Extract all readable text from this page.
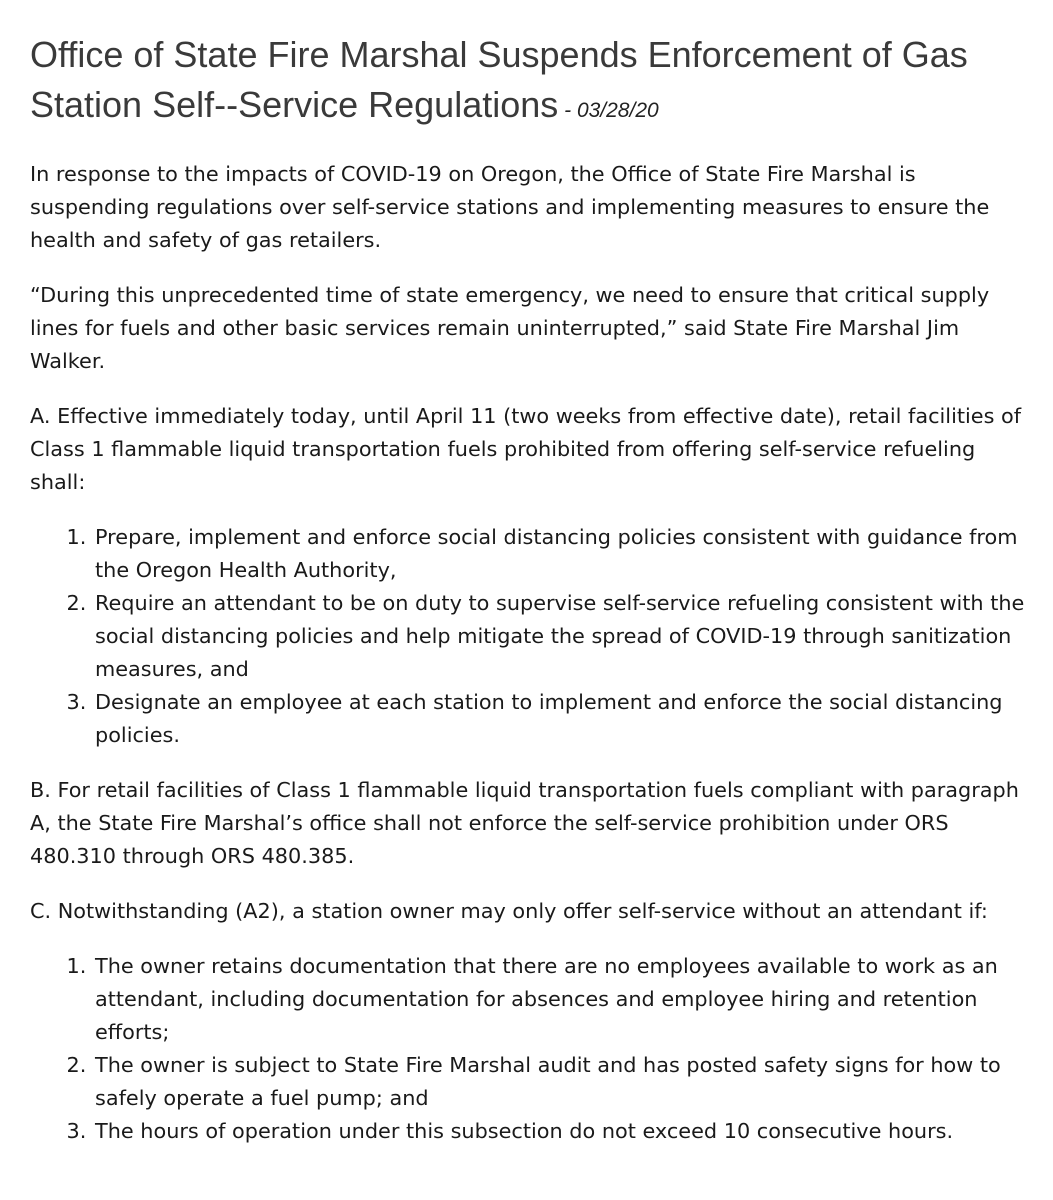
Office of State Fire Marshal Suspends Enforcement of Gas Station Self--Service Regulations - 03/28/20

In response to the impacts of COVID-19 on Oregon, the Office of State Fire Marshal is suspending regulations over self-service stations and implementing measures to ensure the health and safety of gas retailers.

“During this unprecedented time of state emergency, we need to ensure that critical supply lines for fuels and other basic services remain uninterrupted,” said State Fire Marshal Jim Walker.

A. Effective immediately today, until April 11 (two weeks from effective date), retail facilities of Class 1 flammable liquid transportation fuels prohibited from offering self-service refueling shall:

1. Prepare, implement and enforce social distancing policies consistent with guidance from the Oregon Health Authority,
2. Require an attendant to be on duty to supervise self-service refueling consistent with the social distancing policies and help mitigate the spread of COVID-19 through sanitization measures, and
3. Designate an employee at each station to implement and enforce the social distancing policies.

B. For retail facilities of Class 1 flammable liquid transportation fuels compliant with paragraph A, the State Fire Marshal’s office shall not enforce the self-service prohibition under ORS 480.310 through ORS 480.385.

C. Notwithstanding (A2), a station owner may only offer self-service without an attendant if:

1. The owner retains documentation that there are no employees available to work as an attendant, including documentation for absences and employee hiring and retention efforts;
2. The owner is subject to State Fire Marshal audit and has posted safety signs for how to safely operate a fuel pump; and
3. The hours of operation under this subsection do not exceed 10 consecutive hours.
